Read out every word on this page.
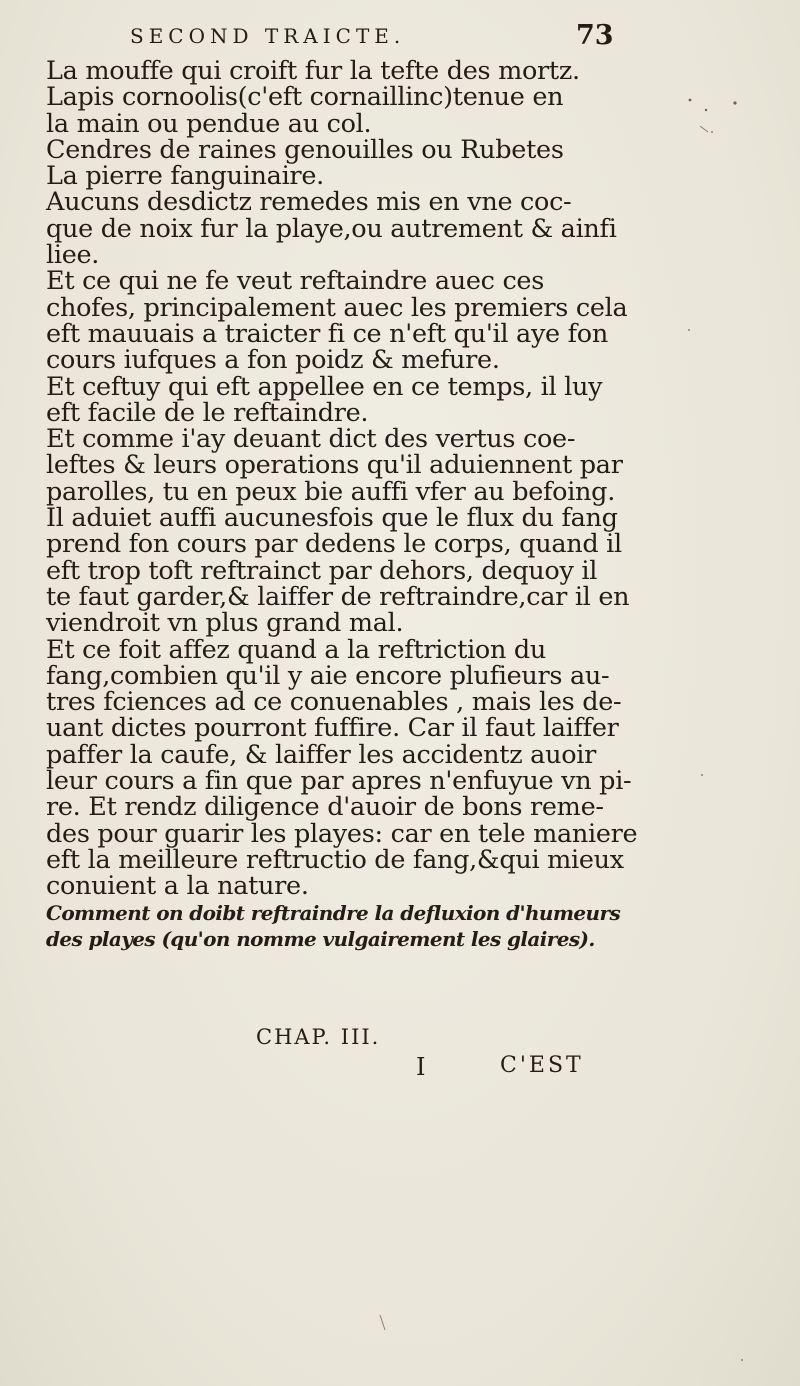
SECOND TRAICTE.	73
La mouffe qui croift fur la tefte des mortz.
Lapis cornoolis(c'eft cornaillinc)tenue en
la main ou pendue au col.
Cendres de raines genouilles ou Rubetes
La pierre fanguinaire.
Aucuns desdictz remedes mis en vne coc-
que de noix fur la playe,ou autrement & ainfi
liee.
Et ce qui ne fe veut reftaindre auec ces
chofes, principalement auec les premiers cela
eft mauuais a traicter fi ce n'eft qu'il aye fon
cours iufques a fon poidz & mefure.
Et ceftuy qui eft appellee en ce temps, il luy
eft facile de le reftaindre.
Et comme i'ay deuant dict des vertus coe-
leftes & leurs operations qu'il aduiennent par
parolles, tu en peux bie auffi vfer au befoing.
Il aduiet auffi aucunesfois que le flux du fang
prend fon cours par dedens le corps, quand il
eft trop toft reftrainct par dehors, dequoy il
te faut garder,& laiffer de reftraindre,car il en
viendroit vn plus grand mal.
Et ce foit affez quand a la reftriction du
fang,combien qu'il y aie encore plufieurs au-
tres fciences ad ce conuenables , mais les de-
uant dictes pourront fuffire. Car il faut laiffer
paffer la caufe, & laiffer les accidentz auoir
leur cours a fin que par apres n'enfuyue vn pi-
re. Et rendz diligence d'auoir de bons reme-
des pour guarir les playes: car en tele maniere
eft la meilleure reftructio de fang,&qui mieux
conuient a la nature.
Comment on doibt reftraindre la defluxion d'humeurs
des playes (qu'on nomme vulgairement les glaires).
CHAP. III.
I	C'EST
